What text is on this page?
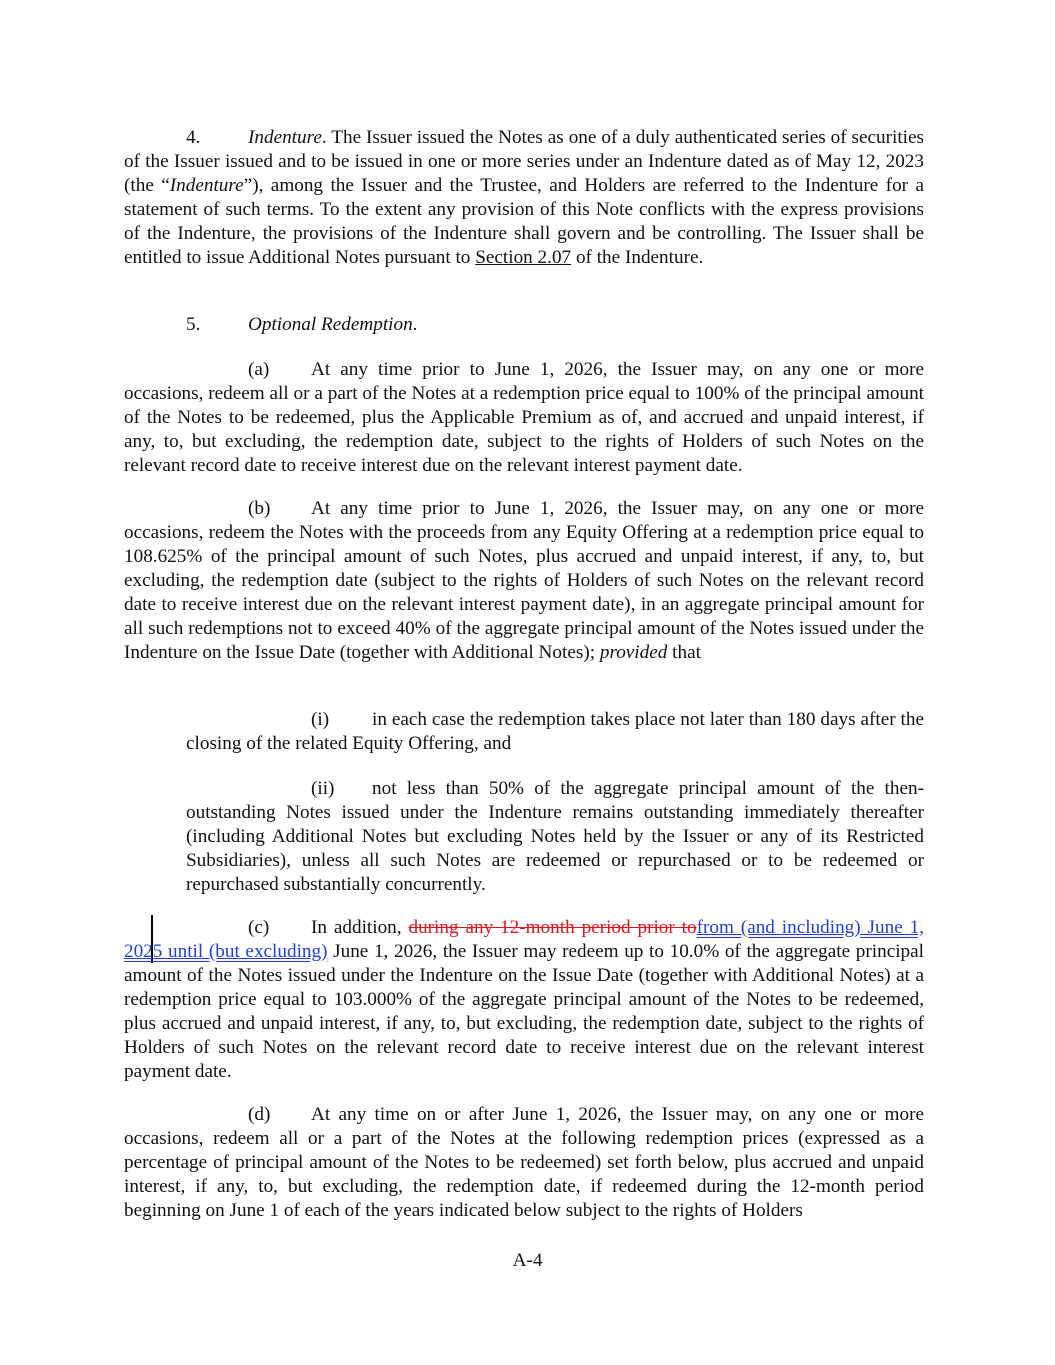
4. Indenture. The Issuer issued the Notes as one of a duly authenticated series of securities of the Issuer issued and to be issued in one or more series under an Indenture dated as of May 12, 2023 (the “Indenture”), among the Issuer and the Trustee, and Holders are referred to the Indenture for a statement of such terms. To the extent any provision of this Note conflicts with the express provisions of the Indenture, the provisions of the Indenture shall govern and be controlling. The Issuer shall be entitled to issue Additional Notes pursuant to Section 2.07 of the Indenture.
5. Optional Redemption.
(a) At any time prior to June 1, 2026, the Issuer may, on any one or more occasions, redeem all or a part of the Notes at a redemption price equal to 100% of the principal amount of the Notes to be redeemed, plus the Applicable Premium as of, and accrued and unpaid interest, if any, to, but excluding, the redemption date, subject to the rights of Holders of such Notes on the relevant record date to receive interest due on the relevant interest payment date.
(b) At any time prior to June 1, 2026, the Issuer may, on any one or more occasions, redeem the Notes with the proceeds from any Equity Offering at a redemption price equal to 108.625% of the principal amount of such Notes, plus accrued and unpaid interest, if any, to, but excluding, the redemption date (subject to the rights of Holders of such Notes on the relevant record date to receive interest due on the relevant interest payment date), in an aggregate principal amount for all such redemptions not to exceed 40% of the aggregate principal amount of the Notes issued under the Indenture on the Issue Date (together with Additional Notes); provided that
(i) in each case the redemption takes place not later than 180 days after the closing of the related Equity Offering, and
(ii) not less than 50% of the aggregate principal amount of the then-outstanding Notes issued under the Indenture remains outstanding immediately thereafter (including Additional Notes but excluding Notes held by the Issuer or any of its Restricted Subsidiaries), unless all such Notes are redeemed or repurchased or to be redeemed or repurchased substantially concurrently.
(c) In addition, during any 12-month period prior tofrom (and including) June 1, 2025 until (but excluding) June 1, 2026, the Issuer may redeem up to 10.0% of the aggregate principal amount of the Notes issued under the Indenture on the Issue Date (together with Additional Notes) at a redemption price equal to 103.000% of the aggregate principal amount of the Notes to be redeemed, plus accrued and unpaid interest, if any, to, but excluding, the redemption date, subject to the rights of Holders of such Notes on the relevant record date to receive interest due on the relevant interest payment date.
(d) At any time on or after June 1, 2026, the Issuer may, on any one or more occasions, redeem all or a part of the Notes at the following redemption prices (expressed as a percentage of principal amount of the Notes to be redeemed) set forth below, plus accrued and unpaid interest, if any, to, but excluding, the redemption date, if redeemed during the 12-month period beginning on June 1 of each of the years indicated below subject to the rights of Holders
A-4
